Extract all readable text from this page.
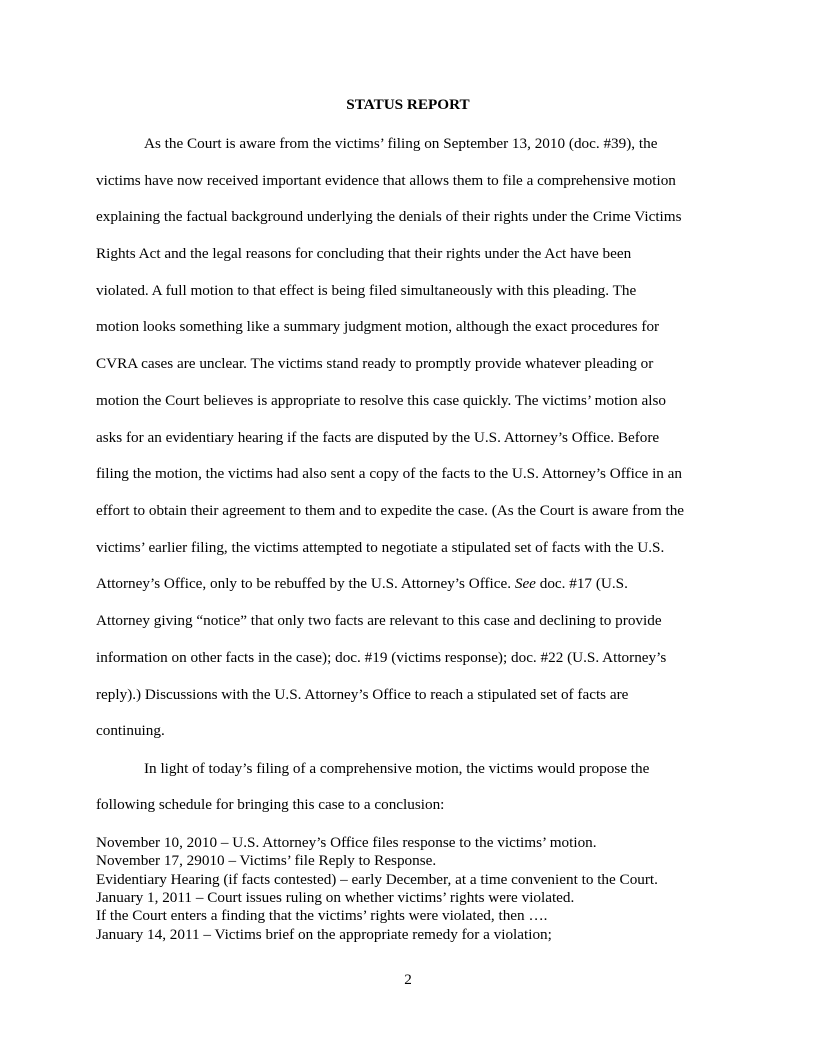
STATUS REPORT
As the Court is aware from the victims’ filing on September 13, 2010 (doc. #39), the
victims have now received important evidence that allows them to file a comprehensive motion
explaining the factual background underlying the denials of their rights under the Crime Victims
Rights Act and the legal reasons for concluding that their rights under the Act have been
violated. A full motion to that effect is being filed simultaneously with this pleading. The
motion looks something like a summary judgment motion, although the exact procedures for
CVRA cases are unclear. The victims stand ready to promptly provide whatever pleading or
motion the Court believes is appropriate to resolve this case quickly. The victims’ motion also
asks for an evidentiary hearing if the facts are disputed by the U.S. Attorney’s Office. Before
filing the motion, the victims had also sent a copy of the facts to the U.S. Attorney’s Office in an
effort to obtain their agreement to them and to expedite the case. (As the Court is aware from the
victims’ earlier filing, the victims attempted to negotiate a stipulated set of facts with the U.S.
Attorney’s Office, only to be rebuffed by the U.S. Attorney’s Office. See doc. #17 (U.S.
Attorney giving “notice” that only two facts are relevant to this case and declining to provide
information on other facts in the case); doc. #19 (victims response); doc. #22 (U.S. Attorney’s
reply).) Discussions with the U.S. Attorney’s Office to reach a stipulated set of facts are
continuing.
In light of today’s filing of a comprehensive motion, the victims would propose the
following schedule for bringing this case to a conclusion:
November 10, 2010 – U.S. Attorney’s Office files response to the victims’ motion.
November 17, 29010 – Victims’ file Reply to Response.
Evidentiary Hearing (if facts contested) – early December, at a time convenient to the Court.
January 1, 2011 – Court issues ruling on whether victims’ rights were violated.
If the Court enters a finding that the victims’ rights were violated, then ….
January 14, 2011 – Victims brief on the appropriate remedy for a violation;
2
